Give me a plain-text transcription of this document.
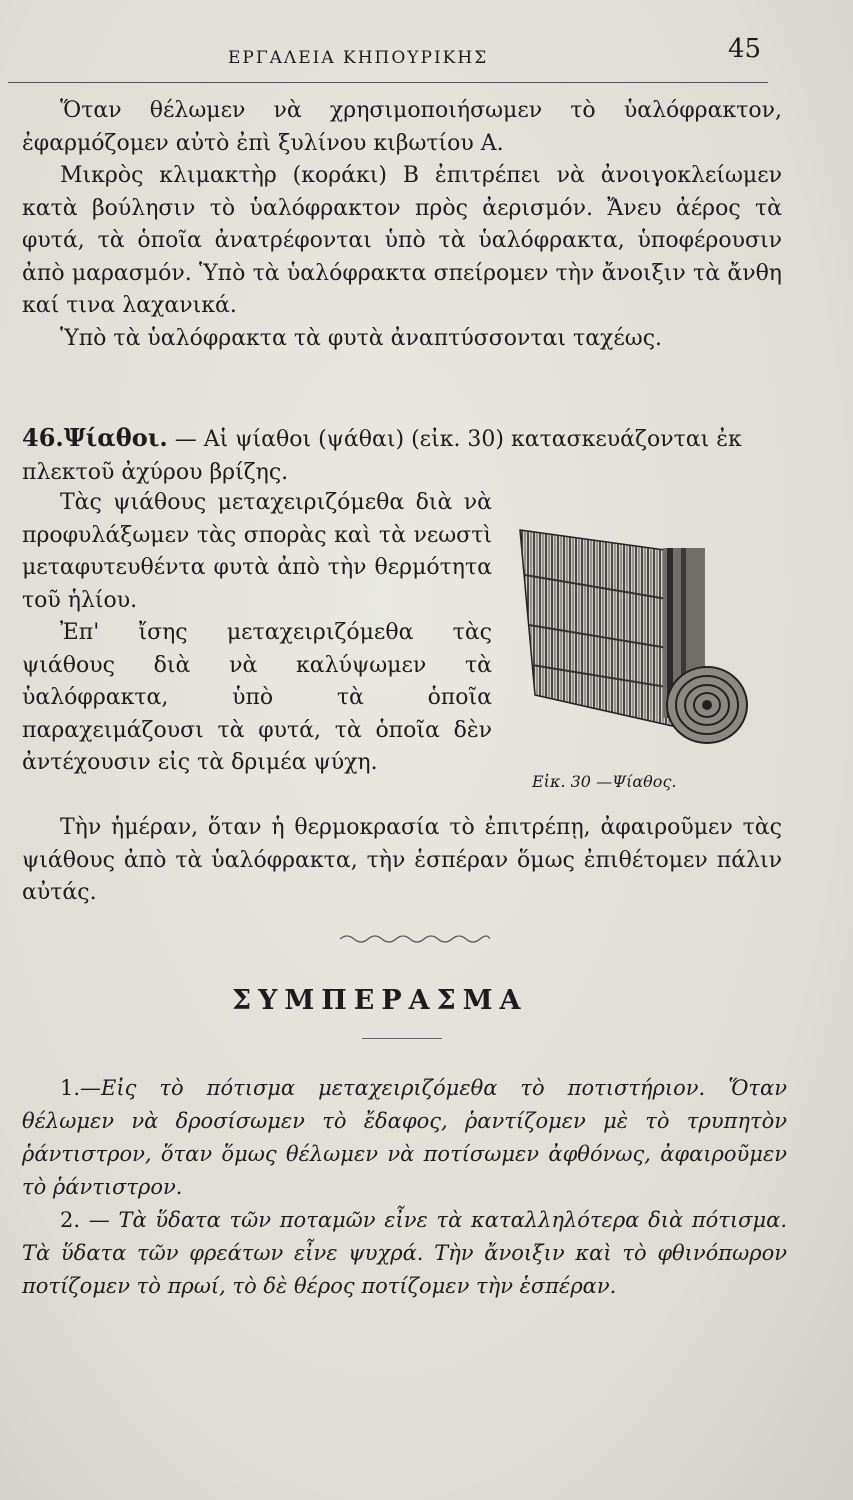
ΕΡΓΑΛΕΙΑ ΚΗΠΟΥΡΙΚΗΣ	45

Ὅταν θέλωμεν νὰ χρησιμοποιήσωμεν τὸ ὑαλόφρακτον, ἐφαρμόζομεν αὐτὸ ἐπὶ ξυλίνου κιβωτίου Α.

Μικρὸς κλιμακτὴρ (κοράκι) Β ἐπιτρέπει νὰ ἀνοιγοκλείωμεν κατὰ βούλησιν τὸ ὑαλόφρακτον πρὸς ἀερισμόν. Ἄνευ ἀέρος τὰ φυτά, τὰ ὁποῖα ἀνατρέφονται ὑπὸ τὰ ὑαλόφρακτα, ὑποφέρουσιν ἀπὸ μαρασμόν. Ὑπὸ τὰ ὑαλόφρακτα σπείρομεν τὴν ἄνοιξιν τὰ ἄνθη καί τινα λαχανικά.

Ὑπὸ τὰ ὑαλόφρακτα τὰ φυτὰ ἀναπτύσσονται ταχέως.

46.Ψίαθοι. — Αἱ ψίαθοι (ψάθαι) (εἰκ. 30) κατασκευάζονται ἐκ πλεκτοῦ ἀχύρου βρίζης.

Τὰς ψιάθους μεταχειριζόμεθα διὰ νὰ προφυλάξωμεν τὰς σπορὰς καὶ τὰ νεωστὶ μεταφυτευθέντα φυτὰ ἀπὸ τὴν θερμότητα τοῦ ἡλίου.

Ἐπ' ἴσης μεταχειριζόμεθα τὰς ψιάθους διὰ νὰ καλύψωμεν τὰ ὑαλόφρακτα, ὑπὸ τὰ ὁποῖα παραχειμάζουσι τὰ φυτά, τὰ ὁποῖα δὲν ἀντέχουσιν εἰς τὰ δριμέα ψύχη.

Εἰκ. 30 —Ψίαθος.

Τὴν ἡμέραν, ὅταν ἡ θερμοκρασία τὸ ἐπιτρέπῃ, ἀφαιροῦμεν τὰς ψιάθους ἀπὸ τὰ ὑαλόφρακτα, τὴν ἑσπέραν ὅμως ἐπιθέτομεν πάλιν αὐτάς.

ΣΥΜΠΕΡΑΣΜΑ

1.—Εἰς τὸ πότισμα μεταχειριζόμεθα τὸ ποτιστήριον. Ὅταν θέλωμεν νὰ δροσίσωμεν τὸ ἔδαφος, ῥαντίζομεν μὲ τὸ τρυπητὸν ῥάντιστρον, ὅταν ὅμως θέλωμεν νὰ ποτίσωμεν ἀφθόνως, ἀφαιροῦμεν τὸ ῥάντιστρον.

2. — Τὰ ὕδατα τῶν ποταμῶν εἶνε τὰ καταλληλότερα διὰ πότισμα. Τὰ ὕδατα τῶν φρεάτων εἶνε ψυχρά. Τὴν ἄνοιξιν καὶ τὸ φθινόπωρον ποτίζομεν τὸ πρωί, τὸ δὲ θέρος ποτίζομεν τὴν ἑσπέραν.
